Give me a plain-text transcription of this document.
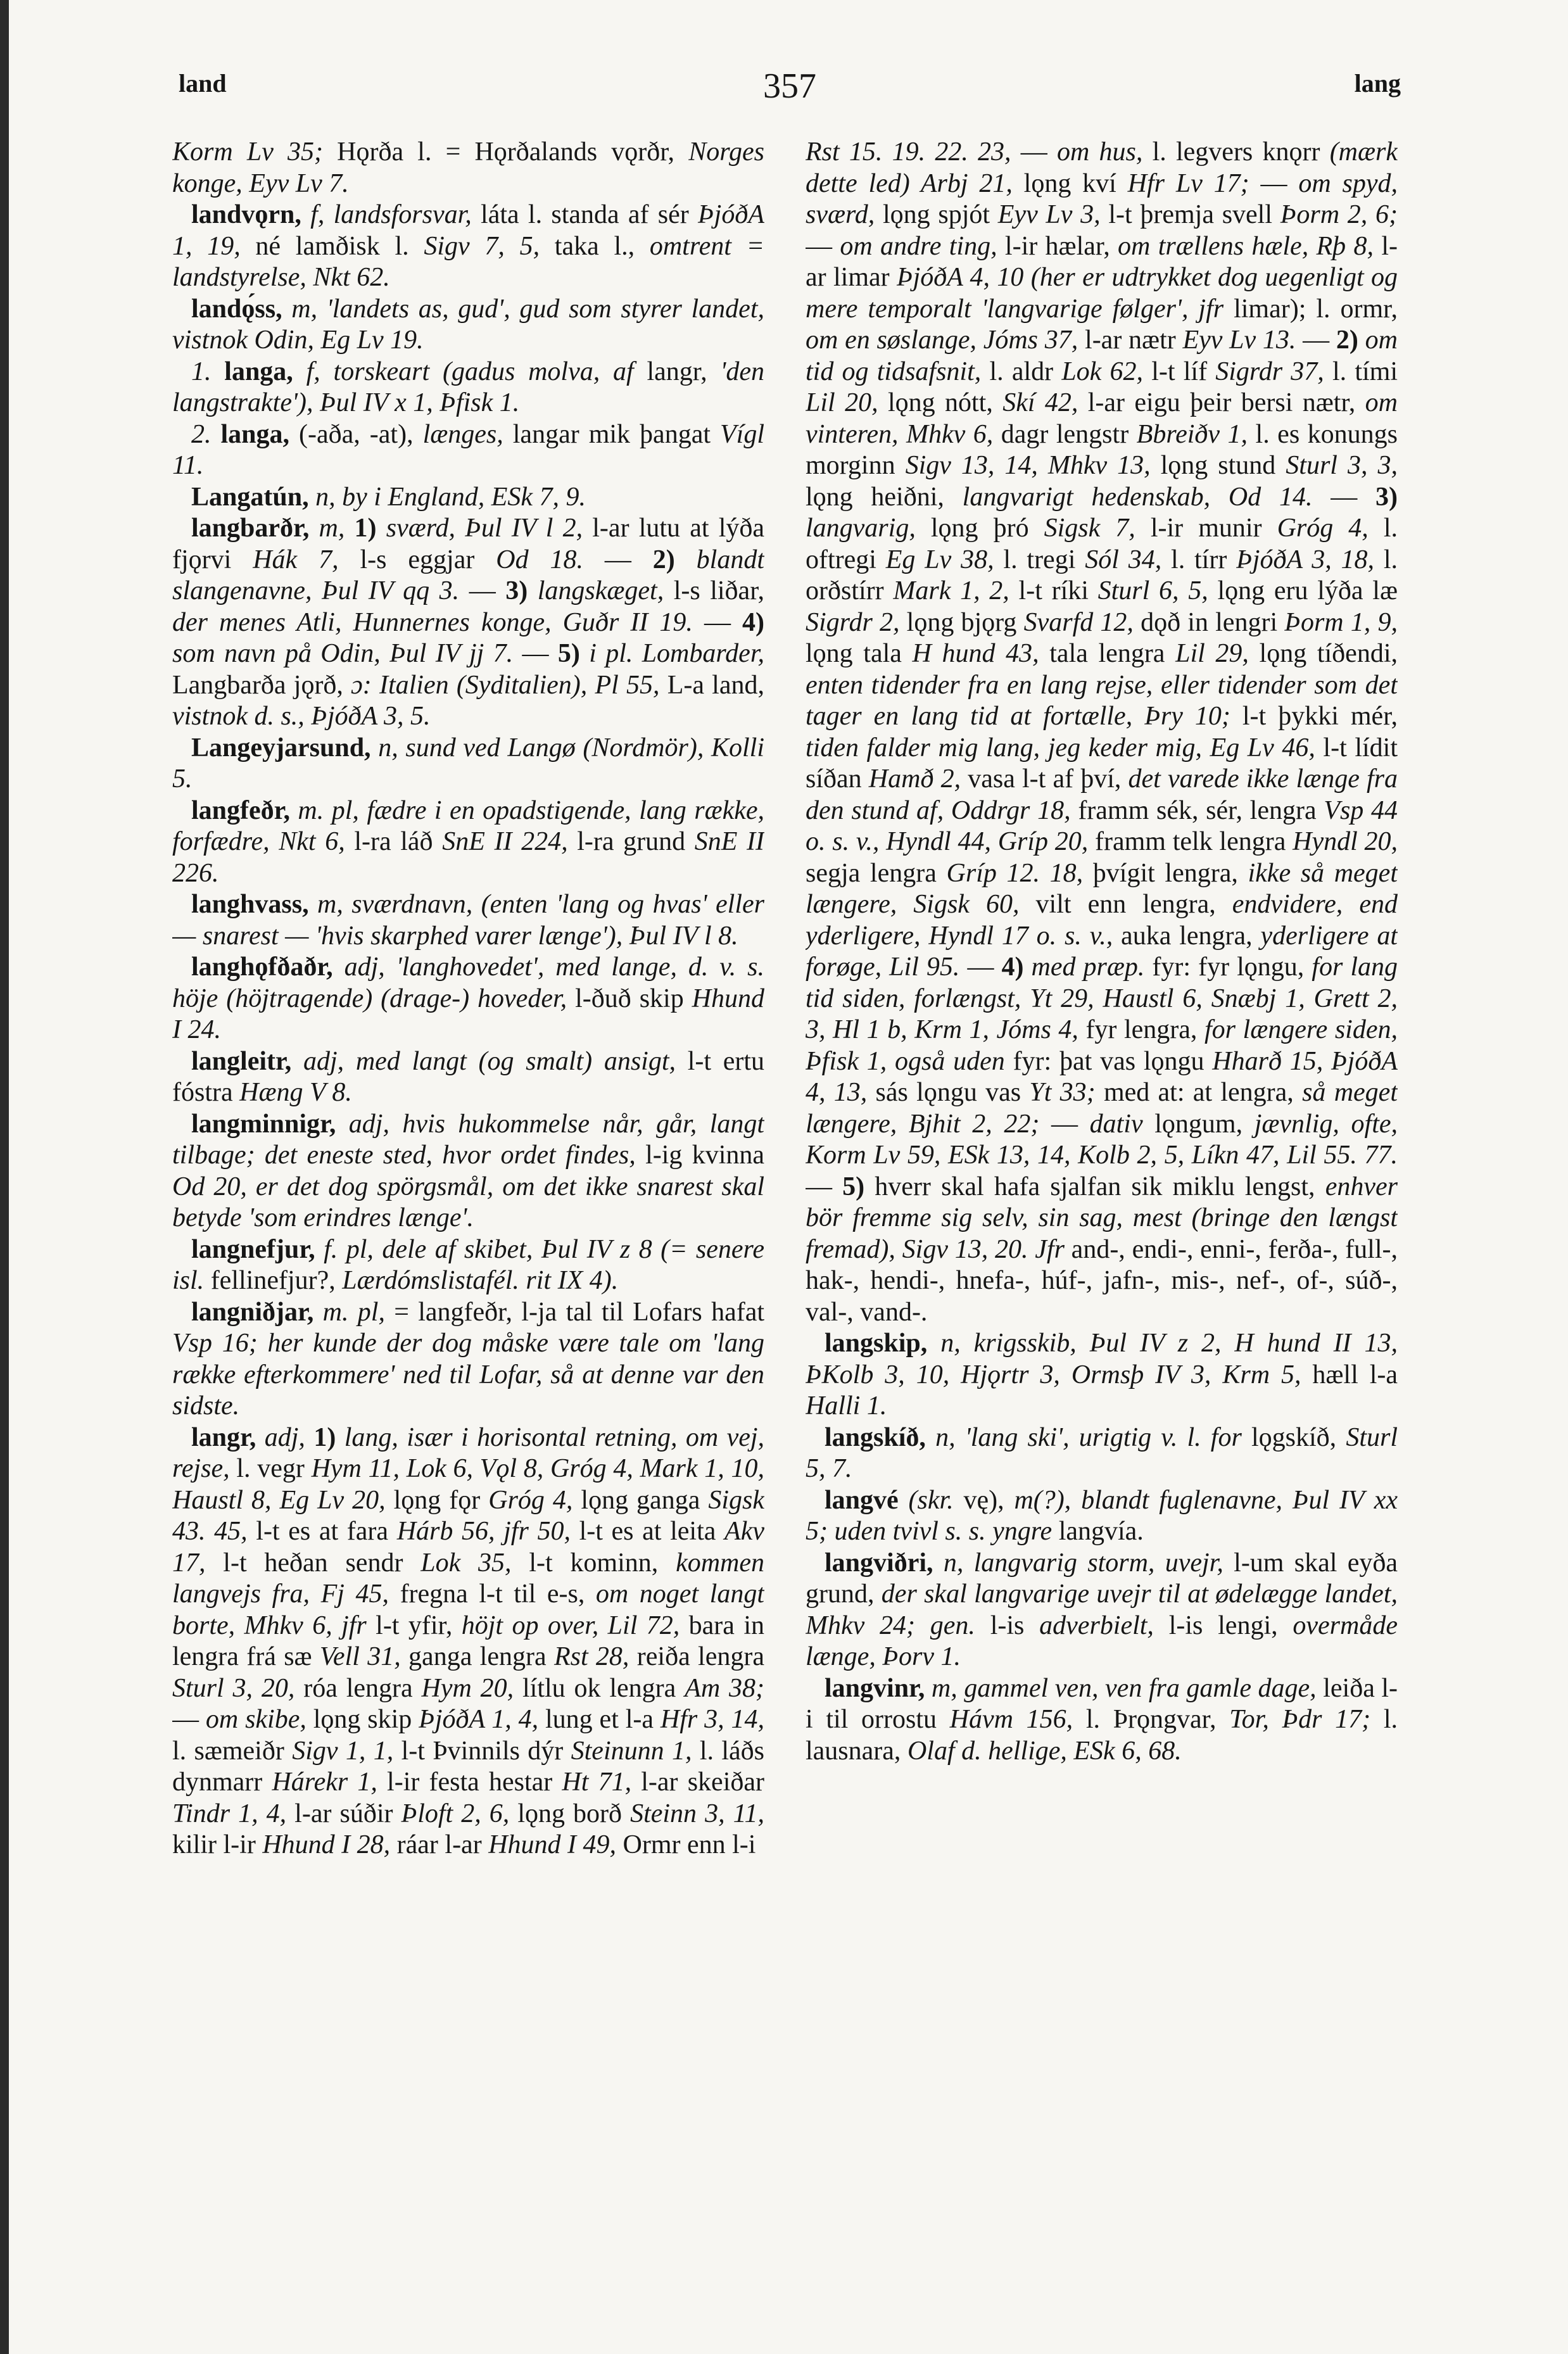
land	357	lang

Korm Lv 35; Hǫrða l. = Hǫrðalands vǫrðr, Norges konge, Eyv Lv 7.

landvǫrn, f, landsforsvar, láta l. standa af sér ÞjóðA 1, 19, né lamðisk l. Sigv 7, 5, taka l., omtrent = landstyrelse, Nkt 62.

landǫ́ss, m, 'landets as, gud', gud som styrer landet, vistnok Odin, Eg Lv 19.

1. langa, f, torskeart (gadus molva, af langr, 'den langstrakte'), Þul IV x 1, Þfisk 1.

2. langa, (-aða, -at), længes, langar mik þangat Vígl 11.

Langatún, n, by i England, ESk 7, 9.

langbarðr, m, 1) sværd, Þul IV l 2, l-ar lutu at lýða fjǫrvi Hák 7, l-s eggjar Od 18. — 2) blandt slangenavne, Þul IV qq 3. — 3) langskæget, l-s liðar, der menes Atli, Hunnernes konge, Guðr II 19. — 4) som navn på Odin, Þul IV jj 7. — 5) i pl. Lombarder, Langbarða jǫrð, ɔ: Italien (Syditalien), Pl 55, L-a land, vistnok d. s., ÞjóðA 3, 5.

Langeyjarsund, n, sund ved Langø (Nordmör), Kolli 5.

langfeðr, m. pl, fædre i en opadstigende, lang række, forfædre, Nkt 6, l-ra láð SnE II 224, l-ra grund SnE II 226.

langhvass, m, sværdnavn, (enten 'lang og hvas' eller — snarest — 'hvis skarphed varer længe'), Þul IV l 8.

langhǫfðaðr, adj, 'langhovedet', med lange, d. v. s. höje (höjtragende) (drage-) hoveder, l-ðuð skip Hhund I 24.

langleitr, adj, med langt (og smalt) ansigt, l-t ertu fóstra Hæng V 8.

langminnigr, adj, hvis hukommelse når, går, langt tilbage; det eneste sted, hvor ordet findes, l-ig kvinna Od 20, er det dog spörgsmål, om det ikke snarest skal betyde 'som erindres længe'.

langnefjur, f. pl, dele af skibet, Þul IV z 8 (= senere isl. fellinefjur?, Lærdómslistafél. rit IX 4).

langniðjar, m. pl, = langfeðr, l-ja tal til Lofars hafat Vsp 16; her kunde der dog måske være tale om 'lang række efterkommere' ned til Lofar, så at denne var den sidste.

langr, adj, 1) lang, især i horisontal retning, om vej, rejse, l. vegr Hym 11, Lok 6, Vǫl 8, Gróg 4, Mark 1, 10, Haustl 8, Eg Lv 20, lǫng fǫr Gróg 4, lǫng ganga Sigsk 43. 45, l-t es at fara Hárb 56, jfr 50, l-t es at leita Akv 17, l-t heðan sendr Lok 35, l-t kominn, kommen langvejs fra, Fj 45, fregna l-t til e-s, om noget langt borte, Mhkv 6, jfr l-t yfir, höjt op over, Lil 72, bara in lengra frá sæ Vell 31, ganga lengra Rst 28, reiða lengra Sturl 3, 20, róa lengra Hym 20, lítlu ok lengra Am 38; — om skibe, lǫng skip ÞjóðA 1, 4, lung et l-a Hfr 3, 14, l. sæmeiðr Sigv 1, 1, l-t Þvinnils dýr Steinunn 1, l. láðs dynmarr Hárekr 1, l-ir festa hestar Ht 71, l-ar skeiðar Tindr 1, 4, l-ar súðir Þloft 2, 6, lǫng borð Steinn 3, 11, kilir l-ir Hhund I 28, ráar l-ar Hhund I 49, Ormr enn l-i

Rst 15. 19. 22. 23, — om hus, l. legvers knǫrr (mærk dette led) Arbj 21, lǫng kví Hfr Lv 17; — om spyd, sværd, lǫng spjót Eyv Lv 3, l-t þremja svell Þorm 2, 6; — om andre ting, l-ir hælar, om trællens hæle, Rþ 8, l-ar limar ÞjóðA 4, 10 (her er udtrykket dog uegenligt og mere temporalt 'langvarige følger', jfr limar); l. ormr, om en søslange, Jóms 37, l-ar nætr Eyv Lv 13. — 2) om tid og tidsafsnit, l. aldr Lok 62, l-t líf Sigrdr 37, l. tími Lil 20, lǫng nótt, Skí 42, l-ar eigu þeir bersi nætr, om vinteren, Mhkv 6, dagr lengstr Bbreiðv 1, l. es konungs morginn Sigv 13, 14, Mhkv 13, lǫng stund Sturl 3, 3, lǫng heiðni, langvarigt hedenskab, Od 14. — 3) langvarig, lǫng þró Sigsk 7, l-ir munir Gróg 4, l. oftregi Eg Lv 38, l. tregi Sól 34, l. tírr ÞjóðA 3, 18, l. orðstírr Mark 1, 2, l-t ríki Sturl 6, 5, lǫng eru lýða læ Sigrdr 2, lǫng bjǫrg Svarfd 12, dǫð in lengri Þorm 1, 9, lǫng tala H hund 43, tala lengra Lil 29, lǫng tíðendi, enten tidender fra en lang rejse, eller tidender som det tager en lang tid at fortælle, Þry 10; l-t þykki mér, tiden falder mig lang, jeg keder mig, Eg Lv 46, l-t lídit síðan Hamð 2, vasa l-t af því, det varede ikke længe fra den stund af, Oddrgr 18, framm sék, sér, lengra Vsp 44 o. s. v., Hyndl 44, Gríp 20, framm telk lengra Hyndl 20, segja lengra Gríp 12. 18, þvígit lengra, ikke så meget længere, Sigsk 60, vilt enn lengra, endvidere, end yderligere, Hyndl 17 o. s. v., auka lengra, yderligere at forøge, Lil 95. — 4) med præp. fyr: fyr lǫngu, for lang tid siden, forlængst, Yt 29, Haustl 6, Snæbj 1, Grett 2, 3, Hl 1 b, Krm 1, Jóms 4, fyr lengra, for længere siden, Þfisk 1, også uden fyr: þat vas lǫngu Hharð 15, ÞjóðA 4, 13, sás lǫngu vas Yt 33; med at: at lengra, så meget længere, Bjhit 2, 22; — dativ lǫngum, jævnlig, ofte, Korm Lv 59, ESk 13, 14, Kolb 2, 5, Líkn 47, Lil 55. 77. — 5) hverr skal hafa sjalfan sik miklu lengst, enhver bör fremme sig selv, sin sag, mest (bringe den længst fremad), Sigv 13, 20. Jfr and-, endi-, enni-, ferða-, full-, hak-, hendi-, hnefa-, húf-, jafn-, mis-, nef-, of-, súð-, val-, vand-.

langskip, n, krigsskib, Þul IV z 2, H hund II 13, ÞKolb 3, 10, Hjǫrtr 3, Ormsþ IV 3, Krm 5, hæll l-a Halli 1.

langskíð, n, 'lang ski', urigtig v. l. for lǫgskíð, Sturl 5, 7.

langvé (skr. vę), m(?), blandt fuglenavne, Þul IV xx 5; uden tvivl s. s. yngre langvía.

langviðri, n, langvarig storm, uvejr, l-um skal eyða grund, der skal langvarige uvejr til at ødelægge landet, Mhkv 24; gen. l-is adverbielt, l-is lengi, overmåde længe, Þorv 1.

langvinr, m, gammel ven, ven fra gamle dage, leiða l-i til orrostu Hávm 156, l. Þrǫngvar, Tor, Þdr 17; l. lausnara, Olaf d. hellige, ESk 6, 68.
